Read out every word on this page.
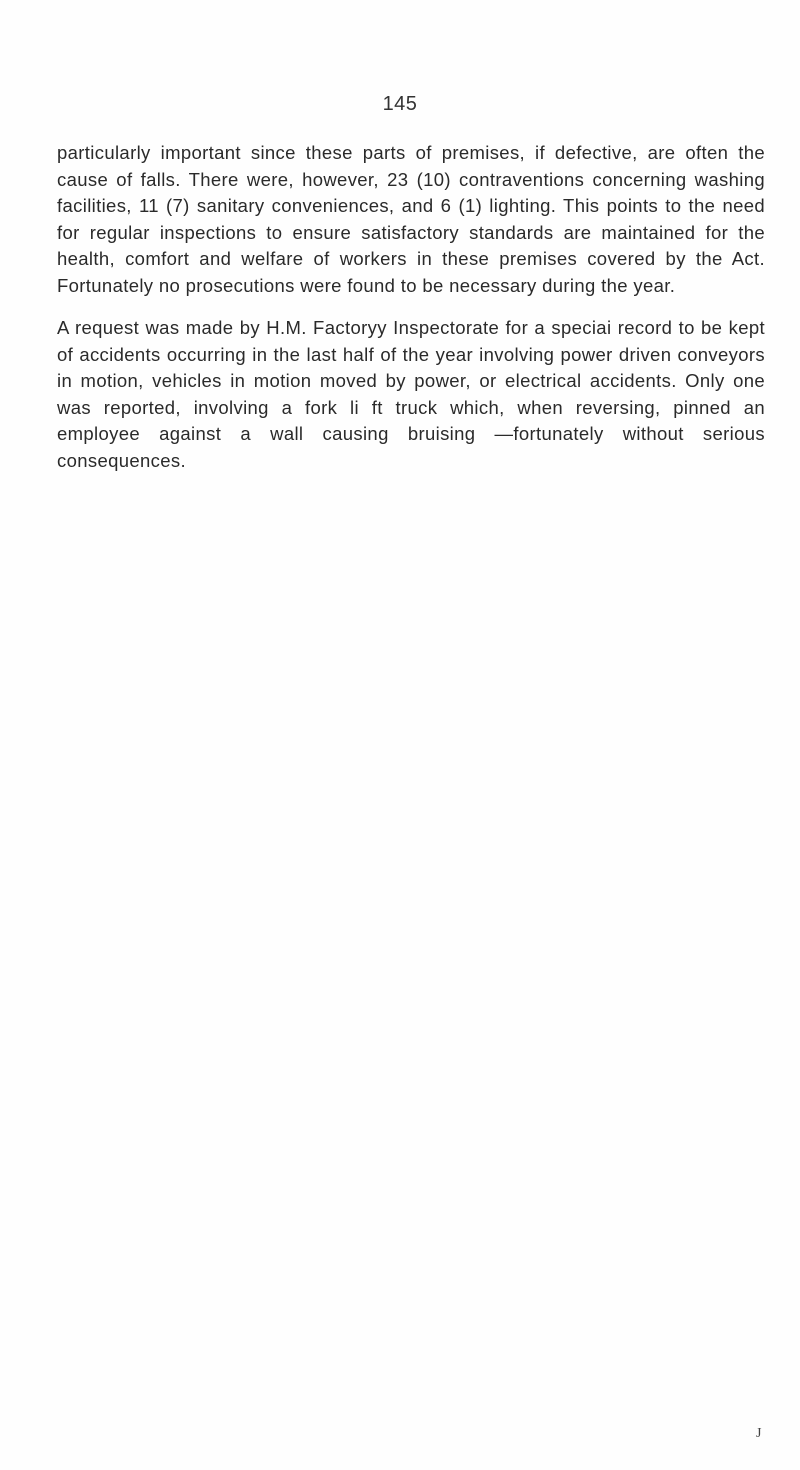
145

particularly important since these parts of premises, if defective, are often the cause of falls. There were, however, 23 (10) contraventions concerning washing facilities, 11 (7) sanitary conveniences, and 6 (1) lighting. This points to the need for regular inspections to ensure satisfactory standards are maintained for the health, comfort and welfare of workers in these premises covered by the Act. Fortunately no prosecutions were found to be necessary during the year.

A request was made by H.M. Factoryy Inspectorate for a speciai record to be kept of accidents occurring in the last half of the year involving power driven conveyors in motion, vehicles in motion moved by power, or electrical accidents. Only one was reported, involving a fork li ft truck which, when reversing, pinned an employee against a wall causing bruising —fortunately without serious consequences.

J
